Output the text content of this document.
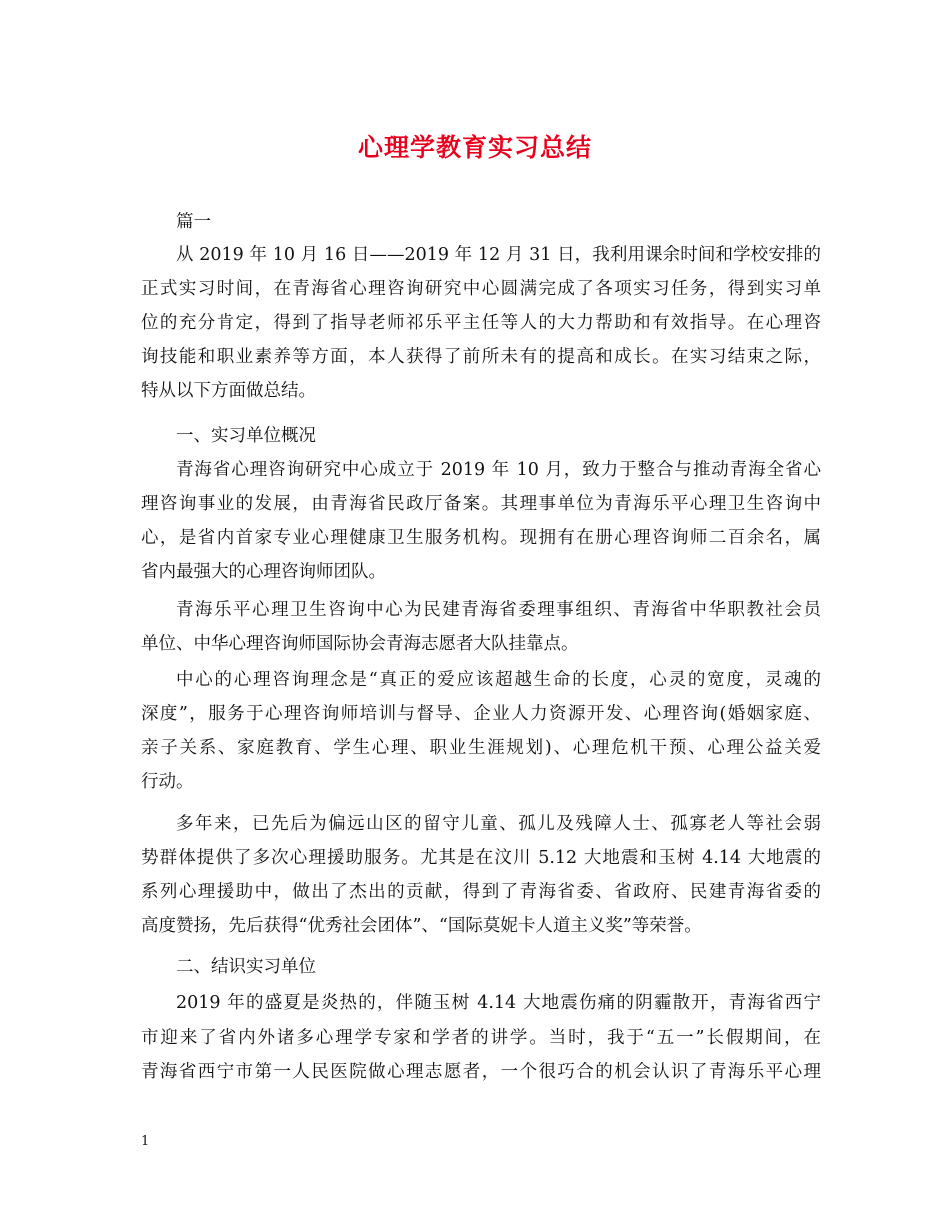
心理学教育实习总结
篇一
从 2019 年 10 月 16 日——2019 年 12 月 31 日，我利用课余时间和学校安排的
正式实习时间，在青海省心理咨询研究中心圆满完成了各项实习任务，得到实习单
位的充分肯定，得到了指导老师祁乐平主任等人的大力帮助和有效指导。在心理咨
询技能和职业素养等方面，本人获得了前所未有的提高和成长。在实习结束之际，
特从以下方面做总结。
一、实习单位概况
青海省心理咨询研究中心成立于 2019 年 10 月，致力于整合与推动青海全省心
理咨询事业的发展，由青海省民政厅备案。其理事单位为青海乐平心理卫生咨询中
心，是省内首家专业心理健康卫生服务机构。现拥有在册心理咨询师二百余名，属
省内最强大的心理咨询师团队。
青海乐平心理卫生咨询中心为民建青海省委理事组织、青海省中华职教社会员
单位、中华心理咨询师国际协会青海志愿者大队挂靠点。
中心的心理咨询理念是“真正的爱应该超越生命的长度，心灵的宽度，灵魂的
深度”，服务于心理咨询师培训与督导、企业人力资源开发、心理咨询(婚姻家庭、
亲子关系、家庭教育、学生心理、职业生涯规划)、心理危机干预、心理公益关爱
行动。
多年来，已先后为偏远山区的留守儿童、孤儿及残障人士、孤寡老人等社会弱
势群体提供了多次心理援助服务。尤其是在汶川 5.12 大地震和玉树 4.14 大地震的
系列心理援助中，做出了杰出的贡献，得到了青海省委、省政府、民建青海省委的
高度赞扬，先后获得“优秀社会团体”、“国际莫妮卡人道主义奖”等荣誉。
二、结识实习单位
2019 年的盛夏是炎热的，伴随玉树 4.14 大地震伤痛的阴霾散开，青海省西宁
市迎来了省内外诸多心理学专家和学者的讲学。当时，我于“五一”长假期间，在
青海省西宁市第一人民医院做心理志愿者，一个很巧合的机会认识了青海乐平心理
1
